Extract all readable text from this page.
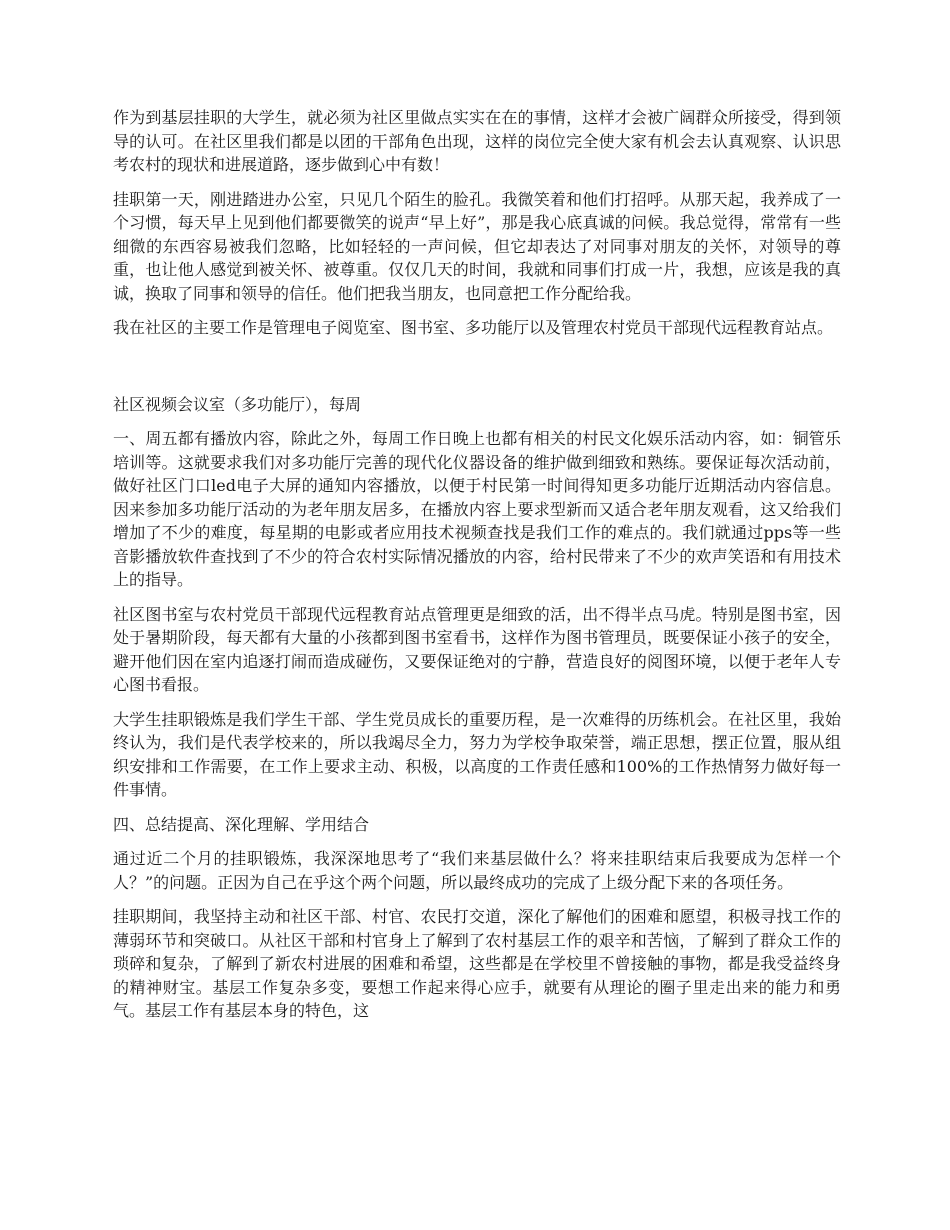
作为到基层挂职的大学生，就必须为社区里做点实实在在的事情，这样才会被广阔群众所接受，得到领导的认可。在社区里我们都是以团的干部角色出现，这样的岗位完全使大家有机会去认真观察、认识思考农村的现状和进展道路，逐步做到心中有数！

挂职第一天，刚进踏进办公室，只见几个陌生的脸孔。我微笑着和他们打招呼。从那天起，我养成了一个习惯，每天早上见到他们都要微笑的说声“早上好”，那是我心底真诚的问候。我总觉得，常常有一些细微的东西容易被我们忽略，比如轻轻的一声问候，但它却表达了对同事对朋友的关怀，对领导的尊重，也让他人感觉到被关怀、被尊重。仅仅几天的时间，我就和同事们打成一片，我想，应该是我的真诚，换取了同事和领导的信任。他们把我当朋友，也同意把工作分配给我。

我在社区的主要工作是管理电子阅览室、图书室、多功能厅以及管理农村党员干部现代远程教育站点。

社区视频会议室（多功能厅），每周

一、周五都有播放内容，除此之外，每周工作日晚上也都有相关的村民文化娱乐活动内容，如：铜管乐培训等。这就要求我们对多功能厅完善的现代化仪器设备的维护做到细致和熟练。要保证每次活动前，做好社区门口led电子大屏的通知内容播放，以便于村民第一时间得知更多功能厅近期活动内容信息。因来参加多功能厅活动的为老年朋友居多，在播放内容上要求型新而又适合老年朋友观看，这又给我们增加了不少的难度，每星期的电影或者应用技术视频查找是我们工作的难点的。我们就通过pps等一些音影播放软件查找到了不少的符合农村实际情况播放的内容，给村民带来了不少的欢声笑语和有用技术上的指导。

社区图书室与农村党员干部现代远程教育站点管理更是细致的活，出不得半点马虎。特别是图书室，因处于暑期阶段，每天都有大量的小孩都到图书室看书，这样作为图书管理员，既要保证小孩子的安全，避开他们因在室内追逐打闹而造成碰伤，又要保证绝对的宁静，营造良好的阅图环境，以便于老年人专心图书看报。

大学生挂职锻炼是我们学生干部、学生党员成长的重要历程，是一次难得的历练机会。在社区里，我始终认为，我们是代表学校来的，所以我竭尽全力，努力为学校争取荣誉，端正思想，摆正位置，服从组织安排和工作需要，在工作上要求主动、积极，以高度的工作责任感和100%的工作热情努力做好每一件事情。

四、总结提高、深化理解、学用结合

通过近二个月的挂职锻炼，我深深地思考了“我们来基层做什么？将来挂职结束后我要成为怎样一个人？”的问题。正因为自己在乎这个两个问题，所以最终成功的完成了上级分配下来的各项任务。

挂职期间，我坚持主动和社区干部、村官、农民打交道，深化了解他们的困难和愿望，积极寻找工作的薄弱环节和突破口。从社区干部和村官身上了解到了农村基层工作的艰辛和苦恼，了解到了群众工作的琐碎和复杂，了解到了新农村进展的困难和希望，这些都是在学校里不曾接触的事物，都是我受益终身的精神财宝。基层工作复杂多变，要想工作起来得心应手，就要有从理论的圈子里走出来的能力和勇气。基层工作有基层本身的特色，这
